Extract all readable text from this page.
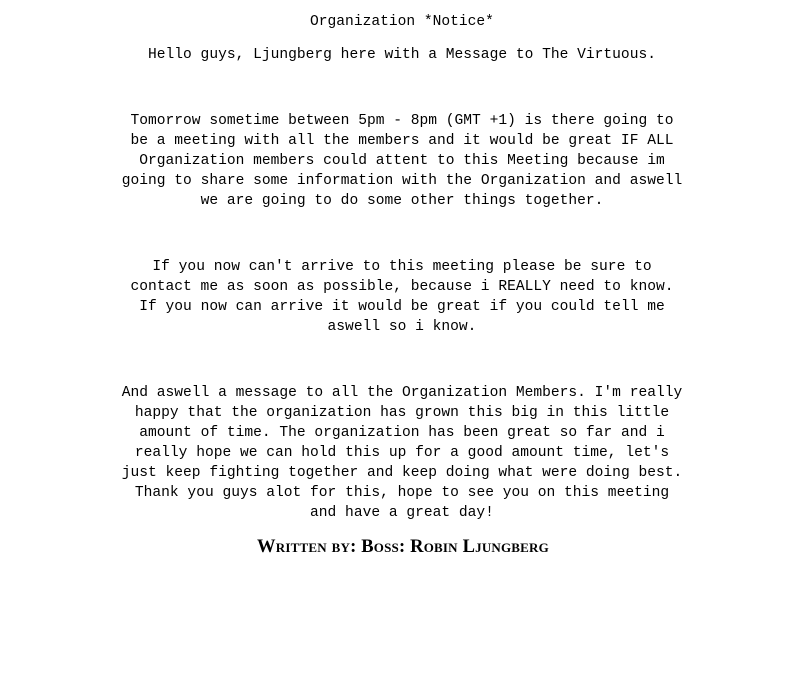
Organization *Notice*
Hello guys, Ljungberg here with a Message to The Virtuous.
Tomorrow sometime between 5pm - 8pm (GMT +1) is there going to
be a meeting with all the members and it would be great IF ALL
Organization members could attent to this Meeting because im
going to share some information with the Organization and aswell
we are going to do some other things together.
If you now can't arrive to this meeting please be sure to
contact me as soon as possible, because i REALLY need to know.
If you now can arrive it would be great if you could tell me
aswell so i know.
And aswell a message to all the Organization Members. I'm really
happy that the organization has grown this big in this little
amount of time. The organization has been great so far and i
really hope we can hold this up for a good amount time, let's
just keep fighting together and keep doing what were doing best.
Thank you guys alot for this, hope to see you on this meeting
and have a great day!
Written by: Boss: Robin Ljungberg
